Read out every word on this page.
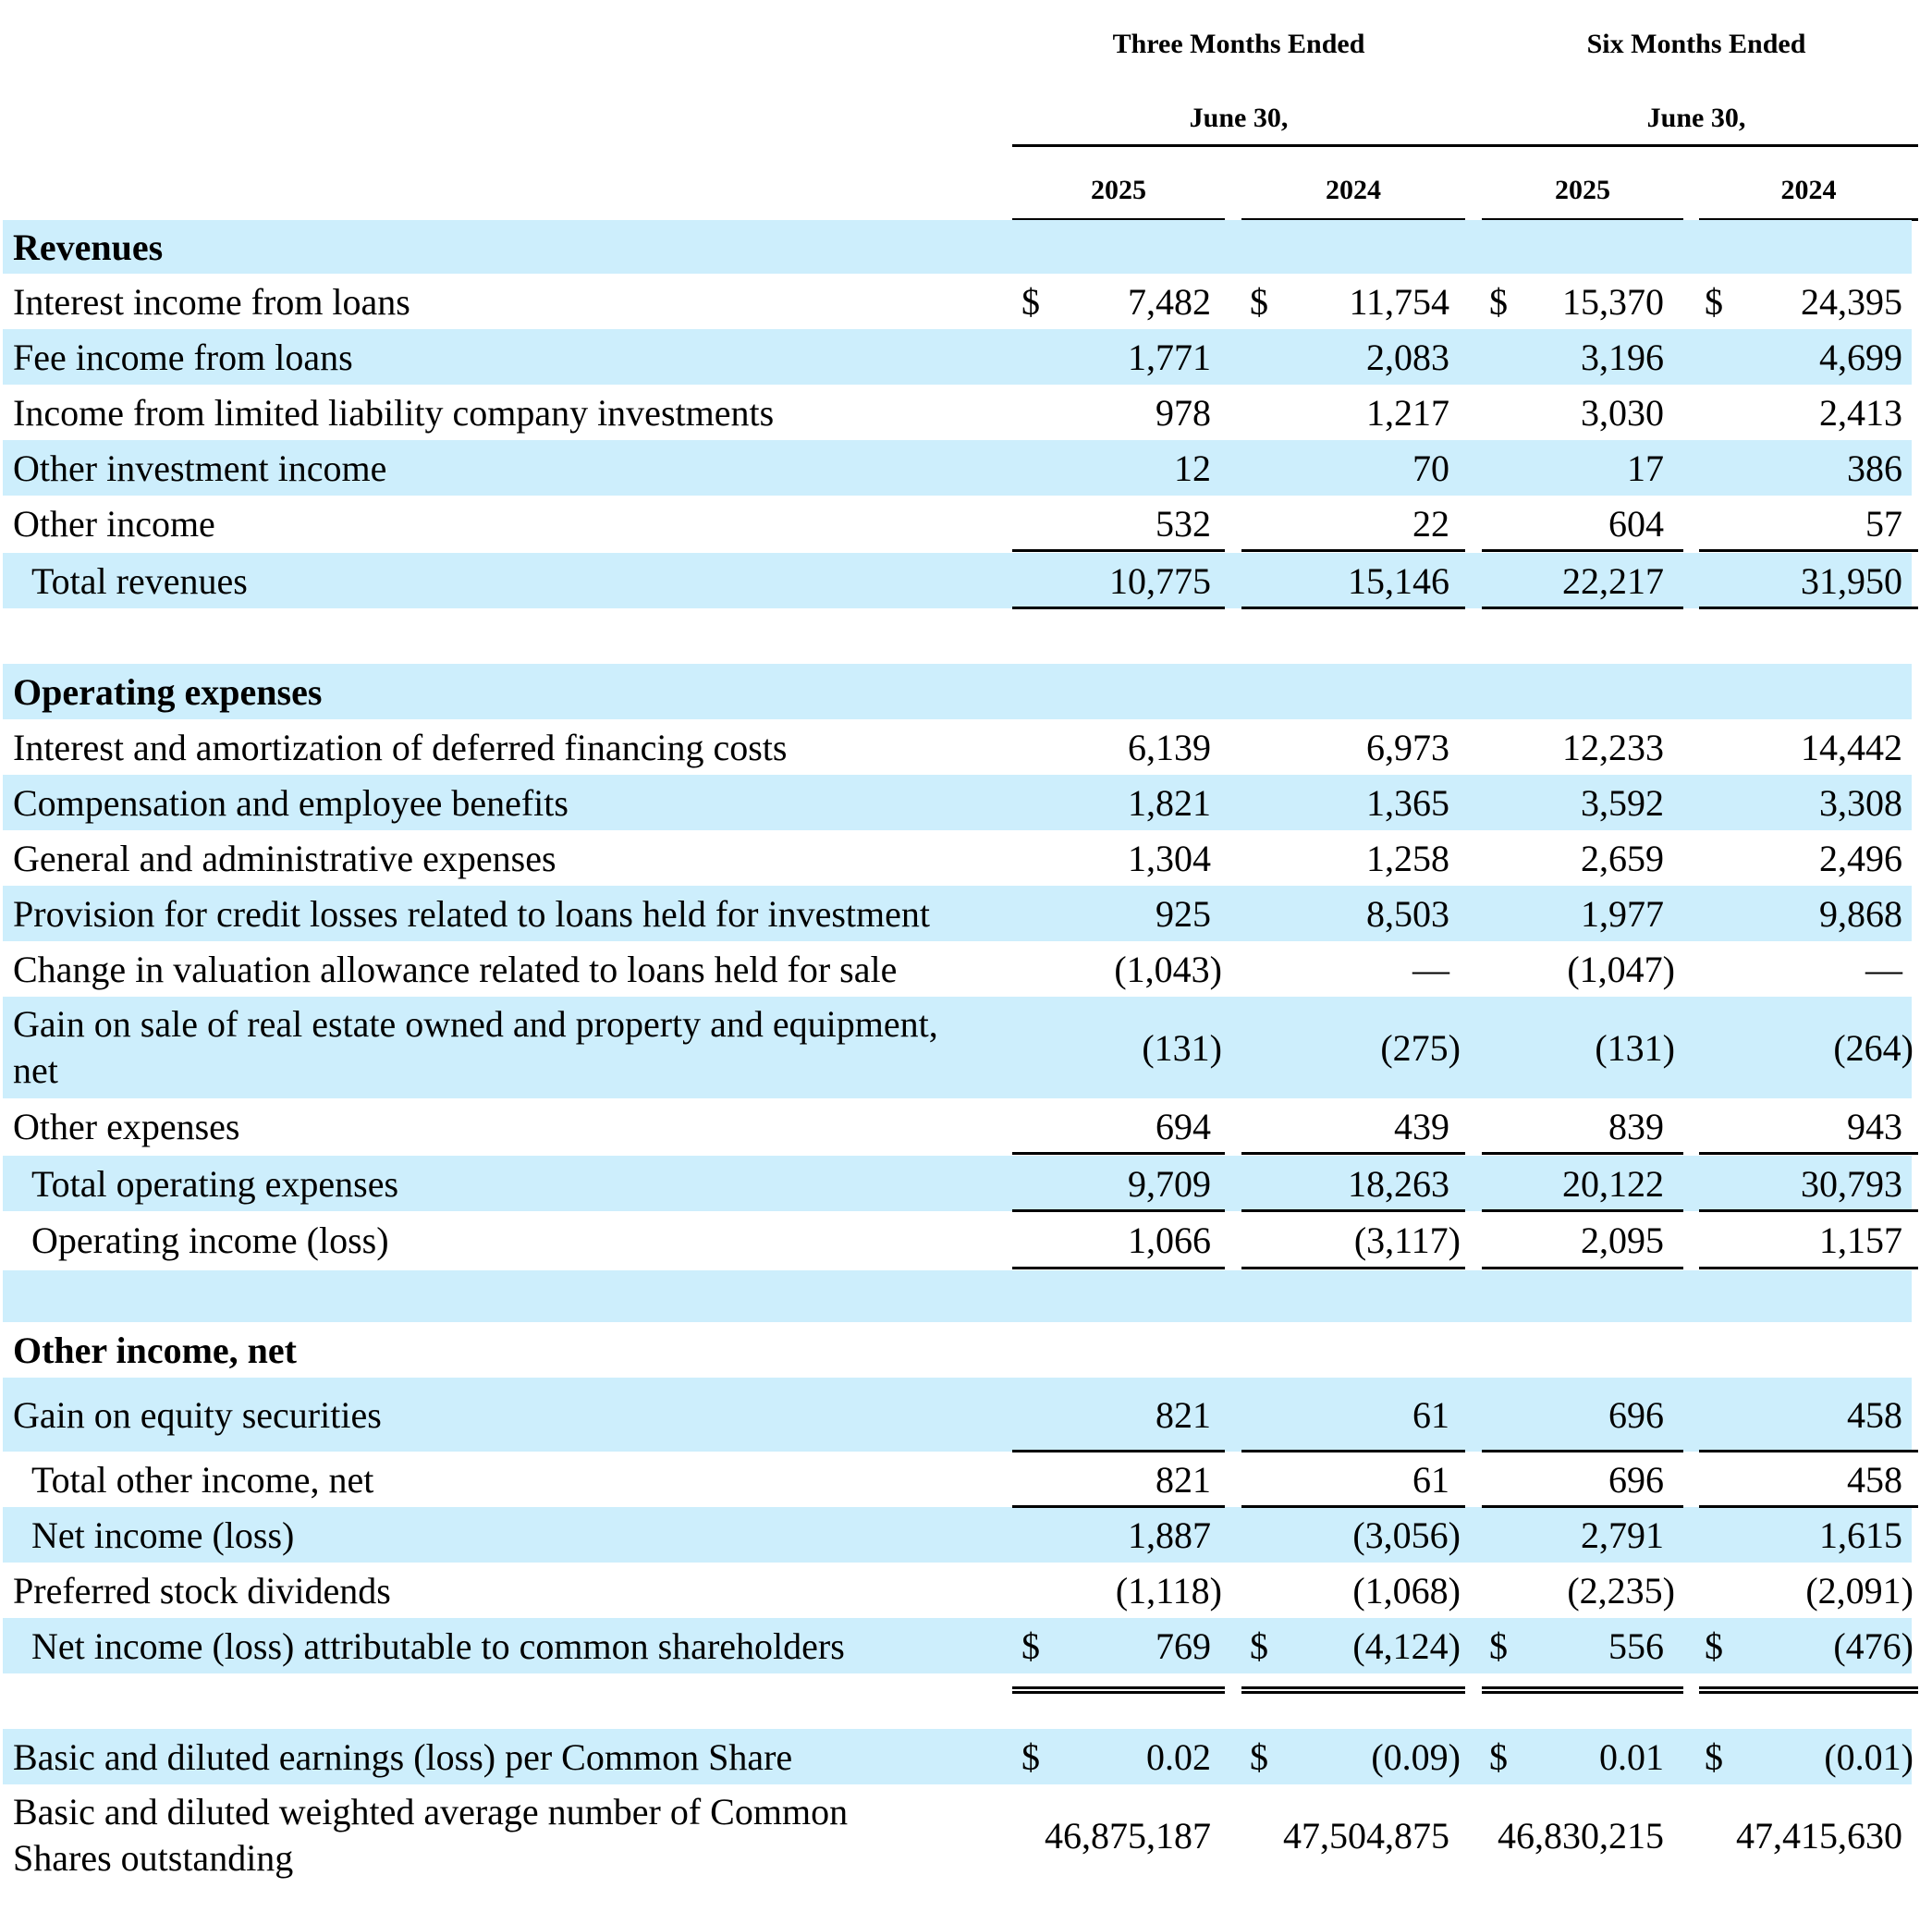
Three Months Ended
June 30,
Six Months Ended
June 30,
2025	2024	2025	2024
Revenues
Interest income from loans	$ 7,482 $ 11,754 $ 15,370 $ 24,395
Fee income from loans	1,771	2,083	3,196	4,699
Income from limited liability company investments	978	1,217	3,030	2,413
Other investment income	12	70	17	386
Other income	532	22	604	57
Total revenues	10,775	15,146	22,217	31,950
Operating expenses
Interest and amortization of deferred financing costs	6,139	6,973	12,233	14,442
Compensation and employee benefits	1,821	1,365	3,592	3,308
General and administrative expenses	1,304	1,258	2,659	2,496
Provision for credit losses related to loans held for investment	925	8,503	1,977	9,868
Change in valuation allowance related to loans held for sale	(1,043)	—	(1,047)	—
Gain on sale of real estate owned and property and equipment,
net
(131)	(275)	(131)	(264)
Other expenses	694	439	839	943
Total operating expenses	9,709	18,263	20,122	30,793
Operating income (loss)	1,066	(3,117)	2,095	1,157
Other income, net
Gain on equity securities	821	61	696	458
Total other income, net	821	61	696	458
Net income (loss)	1,887	(3,056)	2,791	1,615
Preferred stock dividends	(1,118)	(1,068)	(2,235)	(2,091)
Net income (loss) attributable to common shareholders	$	769 $ (4,124) $	556 $	(476)
Basic and diluted earnings (loss) per Common Share	$	0.02 $	(0.09) $ 0.01 $	(0.01)
Basic and diluted weighted average number of Common
Shares outstanding
46,875,187 47,504,875 46,830,215 47,415,630
